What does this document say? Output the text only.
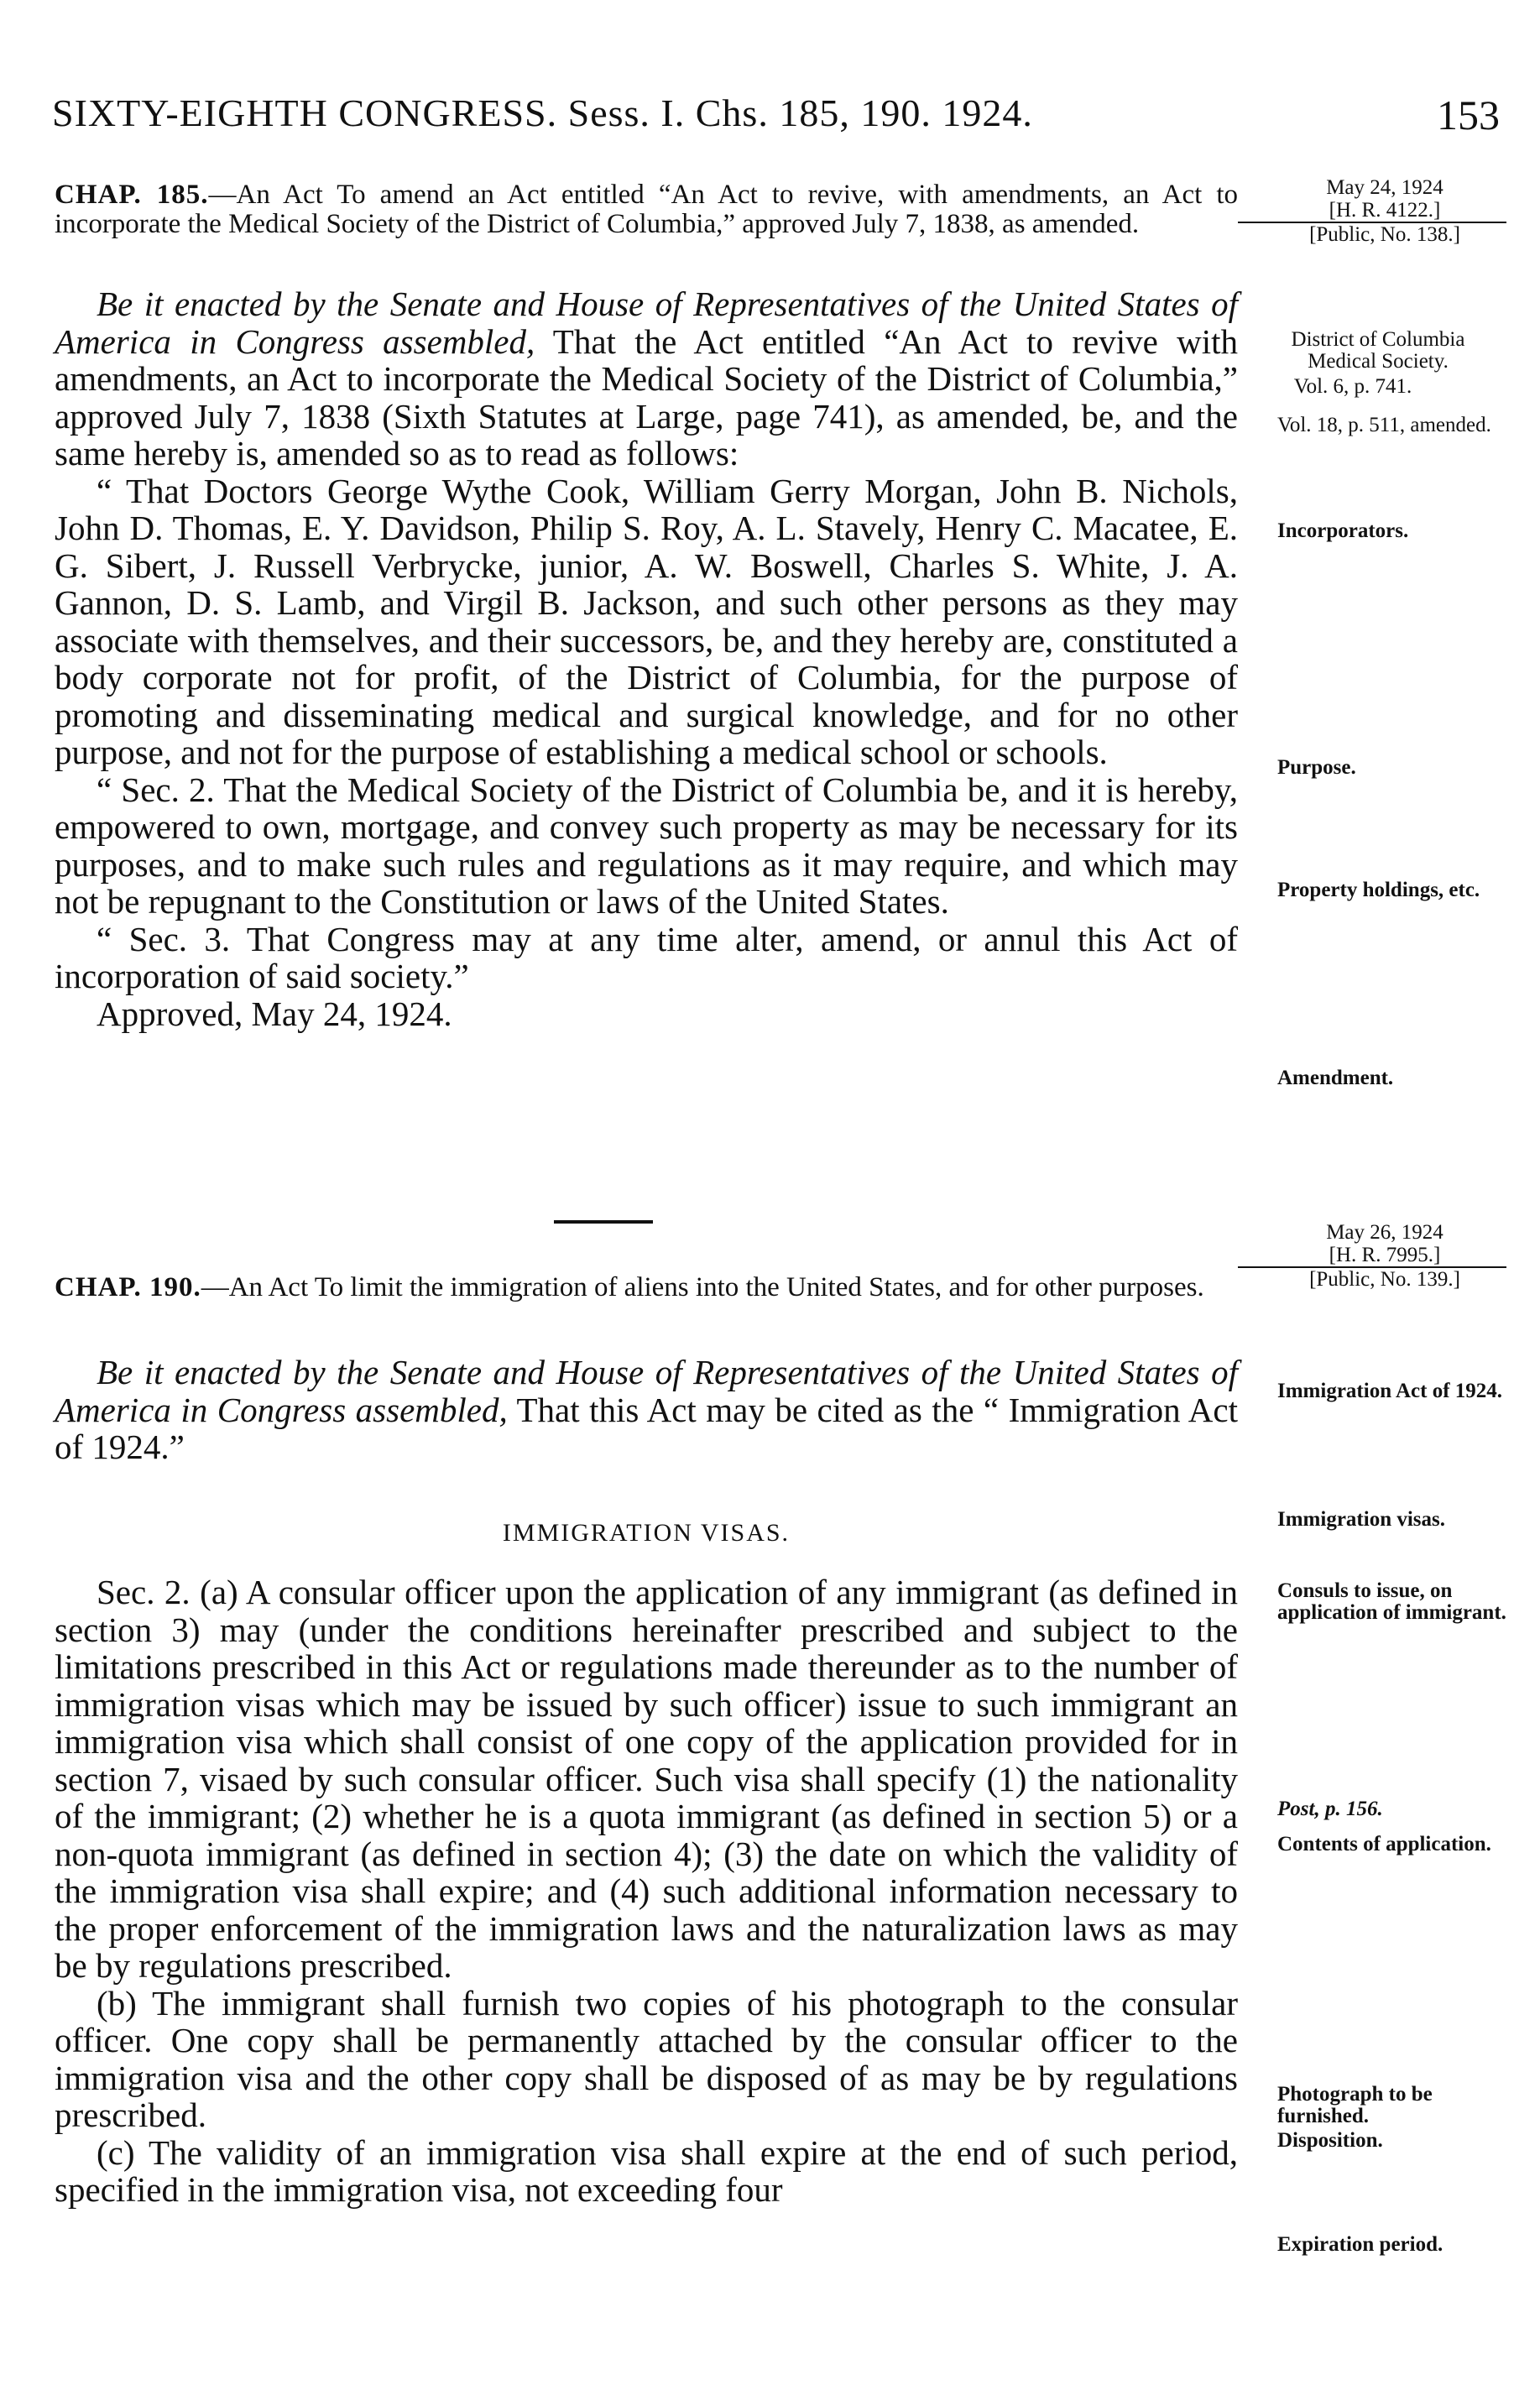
SIXTY-EIGHTH CONGRESS. Sess. I. Chs. 185, 190. 1924.	153
CHAP. 185.—An Act To amend an Act entitled “An Act to revive, with amendments, an Act to incorporate the Medical Society of the District of Columbia,” approved July 7, 1838, as amended.

Be it enacted by the Senate and House of Representatives of the United States of America in Congress assembled, That the Act entitled “An Act to revive with amendments, an Act to incorporate the Medical Society of the District of Columbia,” approved July 7, 1838 (Sixth Statutes at Large, page 741), as amended, be, and the same hereby is, amended so as to read as follows:

“ That Doctors George Wythe Cook, William Gerry Morgan, John B. Nichols, John D. Thomas, E. Y. Davidson, Philip S. Roy, A. L. Stavely, Henry C. Macatee, E. G. Sibert, J. Russell Verbrycke, junior, A. W. Boswell, Charles S. White, J. A. Gannon, D. S. Lamb, and Virgil B. Jackson, and such other persons as they may associate with themselves, and their successors, be, and they hereby are, constituted a body corporate not for profit, of the District of Columbia, for the purpose of promoting and disseminating medical and surgical knowledge, and for no other purpose, and not for the purpose of establishing a medical school or schools.

“ Sec. 2. That the Medical Society of the District of Columbia be, and it is hereby, empowered to own, mortgage, and convey such property as may be necessary for its purposes, and to make such rules and regulations as it may require, and which may not be repugnant to the Constitution or laws of the United States.

“ Sec. 3. That Congress may at any time alter, amend, or annul this Act of incorporation of said society.”

Approved, May 24, 1924.

May 24, 1924
[H. R. 4122.]
[Public, No. 138.]
District of Columbia Medical Society.
Vol. 6, p. 741.
Vol. 18, p. 511, amended.
Incorporators.
Purpose.
Property holdings, etc.
Amendment.
CHAP. 190.—An Act To limit the immigration of aliens into the United States, and for other purposes.

Be it enacted by the Senate and House of Representatives of the United States of America in Congress assembled, That this Act may be cited as the “ Immigration Act of 1924.”

IMMIGRATION VISAS.

Sec. 2. (a) A consular officer upon the application of any immigrant (as defined in section 3) may (under the conditions hereinafter prescribed and subject to the limitations prescribed in this Act or regulations made thereunder as to the number of immigration visas which may be issued by such officer) issue to such immigrant an immigration visa which shall consist of one copy of the application provided for in section 7, visaed by such consular officer. Such visa shall specify (1) the nationality of the immigrant; (2) whether he is a quota immigrant (as defined in section 5) or a non-quota immigrant (as defined in section 4); (3) the date on which the validity of the immigration visa shall expire; and (4) such additional information necessary to the proper enforcement of the immigration laws and the naturalization laws as may be by regulations prescribed.

(b) The immigrant shall furnish two copies of his photograph to the consular officer. One copy shall be permanently attached by the consular officer to the immigration visa and the other copy shall be disposed of as may be by regulations prescribed.

(c) The validity of an immigration visa shall expire at the end of such period, specified in the immigration visa, not exceeding four

May 26, 1924
[H. R. 7995.]
[Public, No. 139.]
Immigration Act of 1924.
Immigration visas.
Consuls to issue, on application of immigrant.
Post, p. 156.
Contents of application.
Photograph to be furnished.
Disposition.
Expiration period.
